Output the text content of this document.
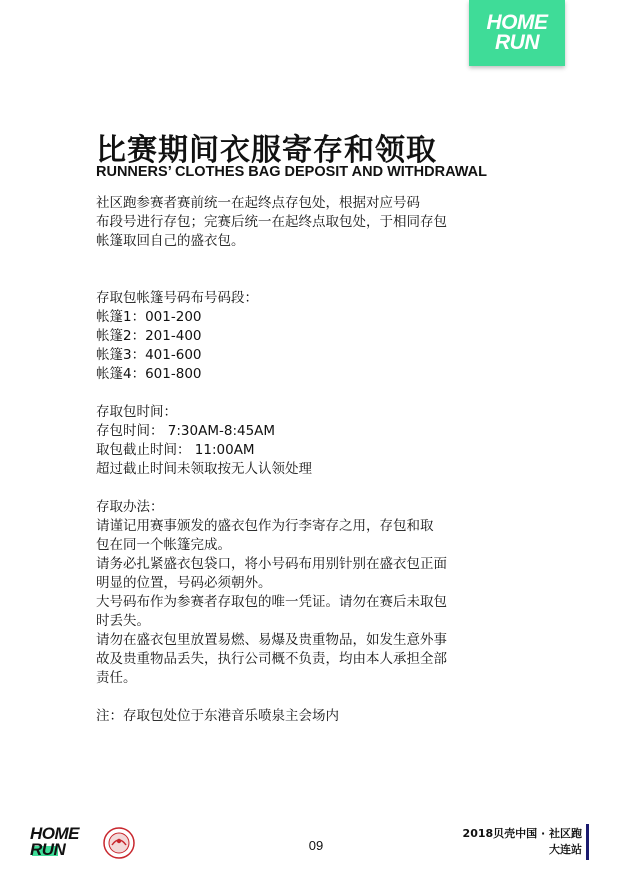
HOME
RUN
比赛期间衣服寄存和领取
RUNNERS’ CLOTHES BAG DEPOSIT AND WITHDRAWAL
社区跑参赛者赛前统一在起终点存包处，根据对应号码
布段号进行存包；完赛后统一在起终点取包处，于相同存包
帐篷取回自己的盛衣包。
存取包帐篷号码布号码段：
帐篷1：001-200
帐篷2：201-400
帐篷3：401-600
帐篷4：601-800
存取包时间：
存包时间： 7:30AM-8:45AM
取包截止时间： 11:00AM
超过截止时间未领取按无人认领处理
存取办法：
请谨记用赛事颁发的盛衣包作为行李寄存之用，存包和取
包在同一个帐篷完成。
请务必扎紧盛衣包袋口，将小号码布用别针别在盛衣包正面
明显的位置，号码必须朝外。
大号码布作为参赛者存取包的唯一凭证。请勿在赛后未取包
时丢失。
请勿在盛衣包里放置易燃、易爆及贵重物品，如发生意外事
故及贵重物品丢失，执行公司概不负责，均由本人承担全部
责任。
注：存取包处位于东港音乐喷泉主会场内
HOME
RUN	09
2018贝壳中国 · 社区跑
大连站
